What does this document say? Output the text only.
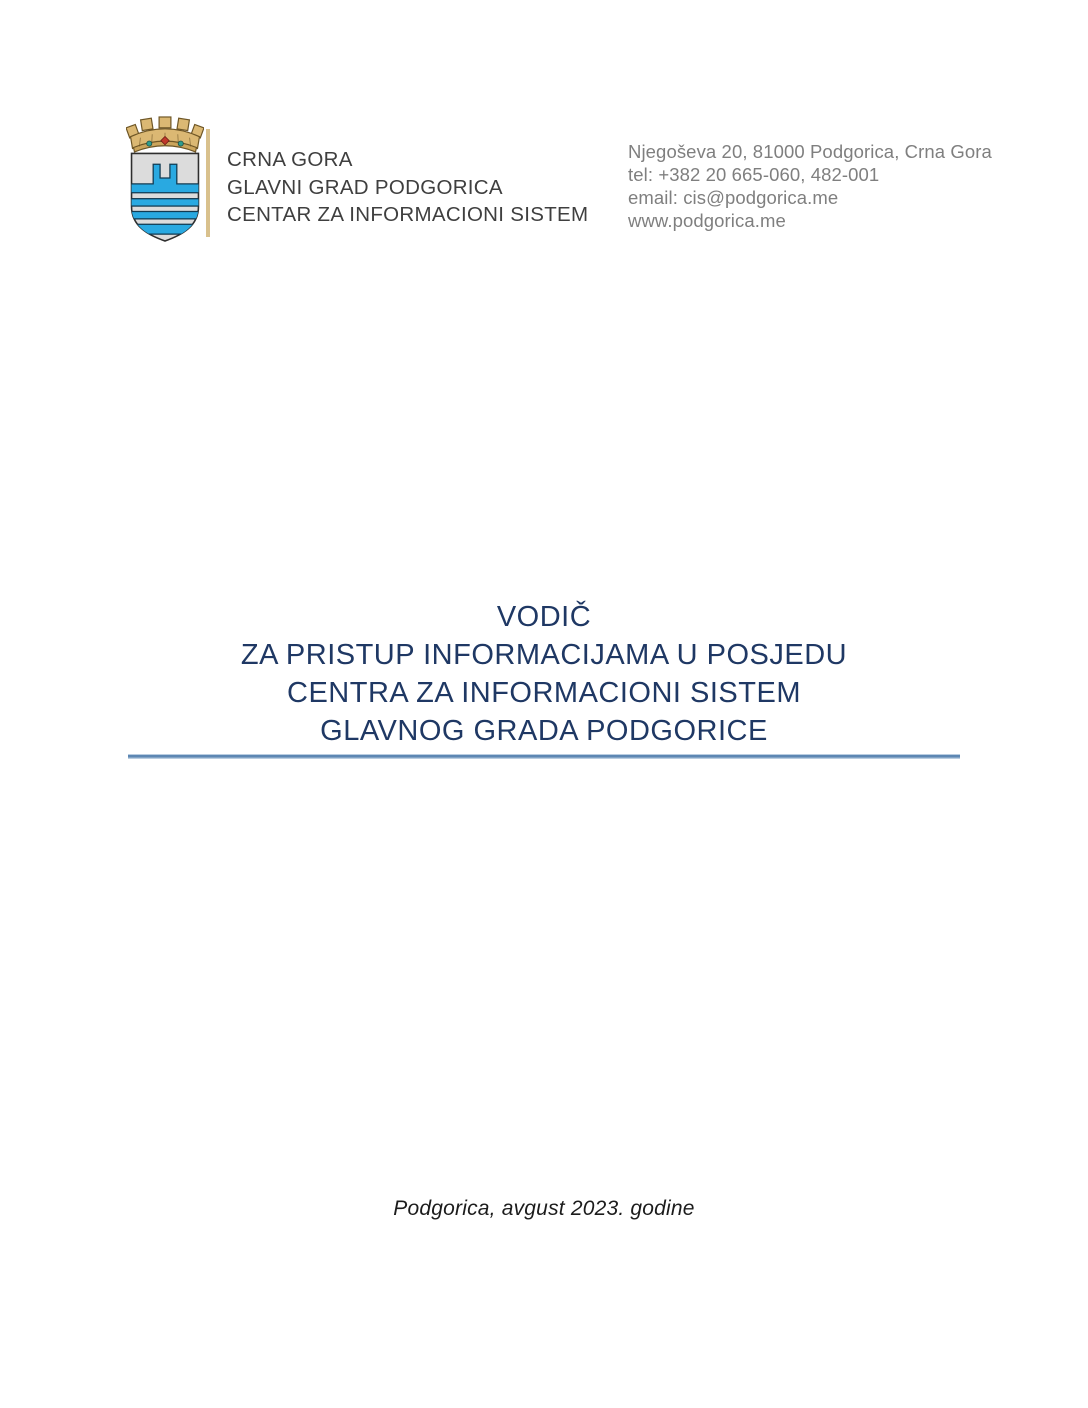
CRNA GORA
GLAVNI GRAD PODGORICA
CENTAR ZA INFORMACIONI SISTEM
Njegoševa 20, 81000 Podgorica, Crna Gora
tel: +382 20 665-060, 482-001
email: cis@podgorica.me
www.podgorica.me
VODIČ
ZA PRISTUP INFORMACIJAMA U POSJEDU
CENTRA ZA INFORMACIONI SISTEM
GLAVNOG GRADA PODGORICE
Podgorica, avgust 2023. godine
